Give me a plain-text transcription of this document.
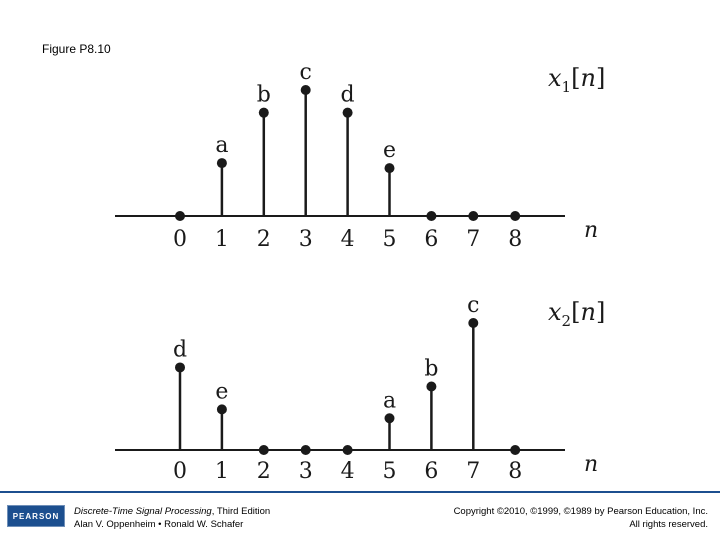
Figure P8.10
n
$x_1[n]$
0
a
1
b
2
c
3
d
4
e
5 6 7 8
n
$x_2[n]$
d
0
e
1 2 3 4
a
5
b
6
c
7 8
PEARSON	Discrete-Time Signal Processing, Third Edition
Alan V. Oppenheim • Ronald W. Schafer
Copyright ©2010, ©1999, ©1989 by Pearson Education, Inc.
All rights reserved.
